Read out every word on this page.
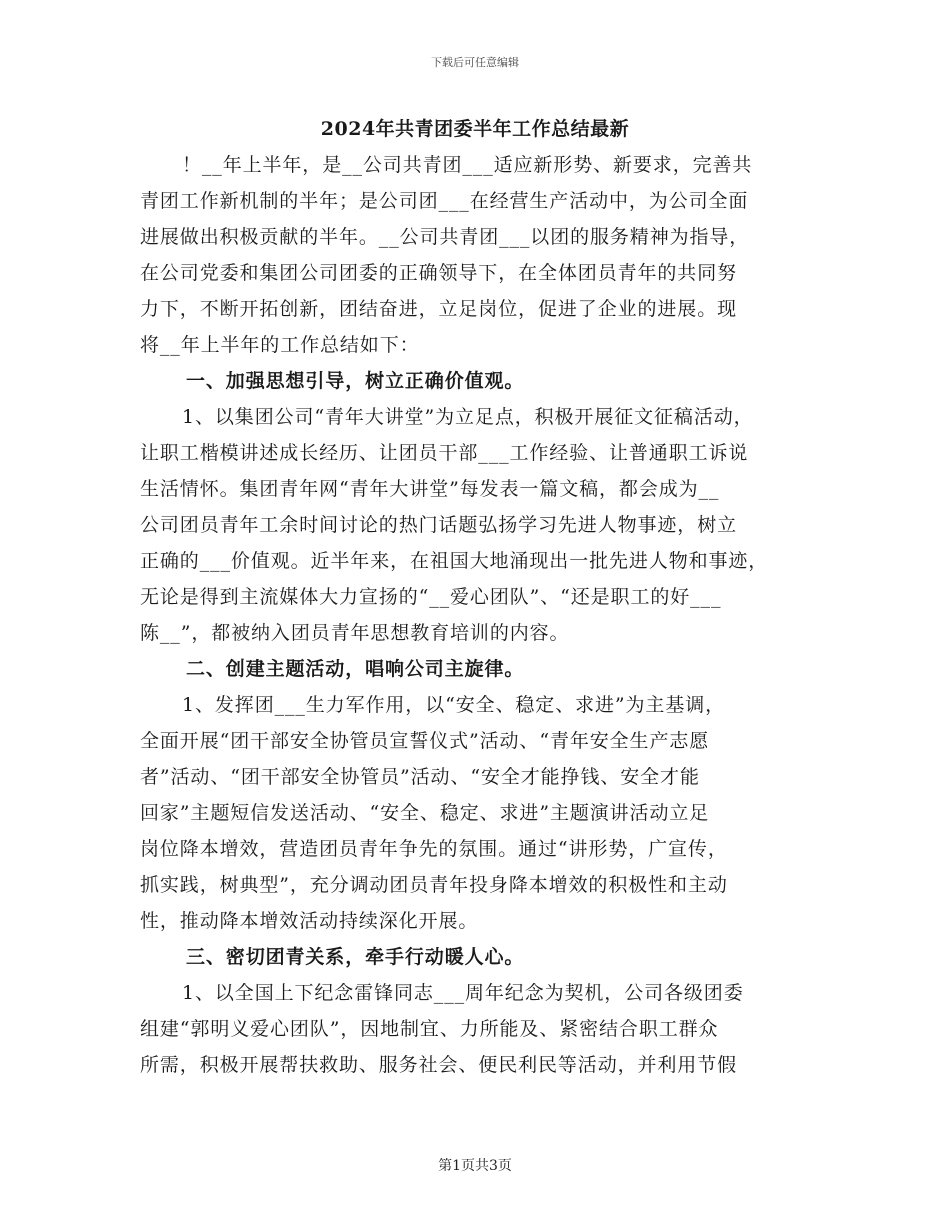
下载后可任意编辑
2024年共青团委半年工作总结最新
！__年上半年，是__公司共青团___适应新形势、新要求，完善共
青团工作新机制的半年；是公司团___在经营生产活动中，为公司全面
进展做出积极贡献的半年。__公司共青团___以团的服务精神为指导，
在公司党委和集团公司团委的正确领导下，在全体团员青年的共同努
力下，不断开拓创新，团结奋进，立足岗位，促进了企业的进展。现
将__年上半年的工作总结如下：
一、加强思想引导，树立正确价值观。
1、以集团公司“青年大讲堂”为立足点，积极开展征文征稿活动，
让职工楷模讲述成长经历、让团员干部___工作经验、让普通职工诉说
生活情怀。集团青年网“青年大讲堂”每发表一篇文稿，都会成为__
公司团员青年工余时间讨论的热门话题弘扬学习先进人物事迹，树立
正确的___价值观。近半年来，在祖国大地涌现出一批先进人物和事迹，
无论是得到主流媒体大力宣扬的“__爱心团队”、“还是职工的好___
陈__”，都被纳入团员青年思想教育培训的内容。
二、创建主题活动，唱响公司主旋律。
1、发挥团___生力军作用，以“安全、稳定、求进”为主基调，
全面开展“团干部安全协管员宣誓仪式”活动、“青年安全生产志愿
者”活动、“团干部安全协管员”活动、“安全才能挣钱、安全才能
回家”主题短信发送活动、“安全、稳定、求进”主题演讲活动立足
岗位降本增效，营造团员青年争先的氛围。通过“讲形势，广宣传，
抓实践，树典型”，充分调动团员青年投身降本增效的积极性和主动
性，推动降本增效活动持续深化开展。
三、密切团青关系，牵手行动暖人心。
1、以全国上下纪念雷锋同志___周年纪念为契机，公司各级团委
组建“郭明义爱心团队”，因地制宜、力所能及、紧密结合职工群众
所需，积极开展帮扶救助、服务社会、便民利民等活动，并利用节假
第1页共3页
